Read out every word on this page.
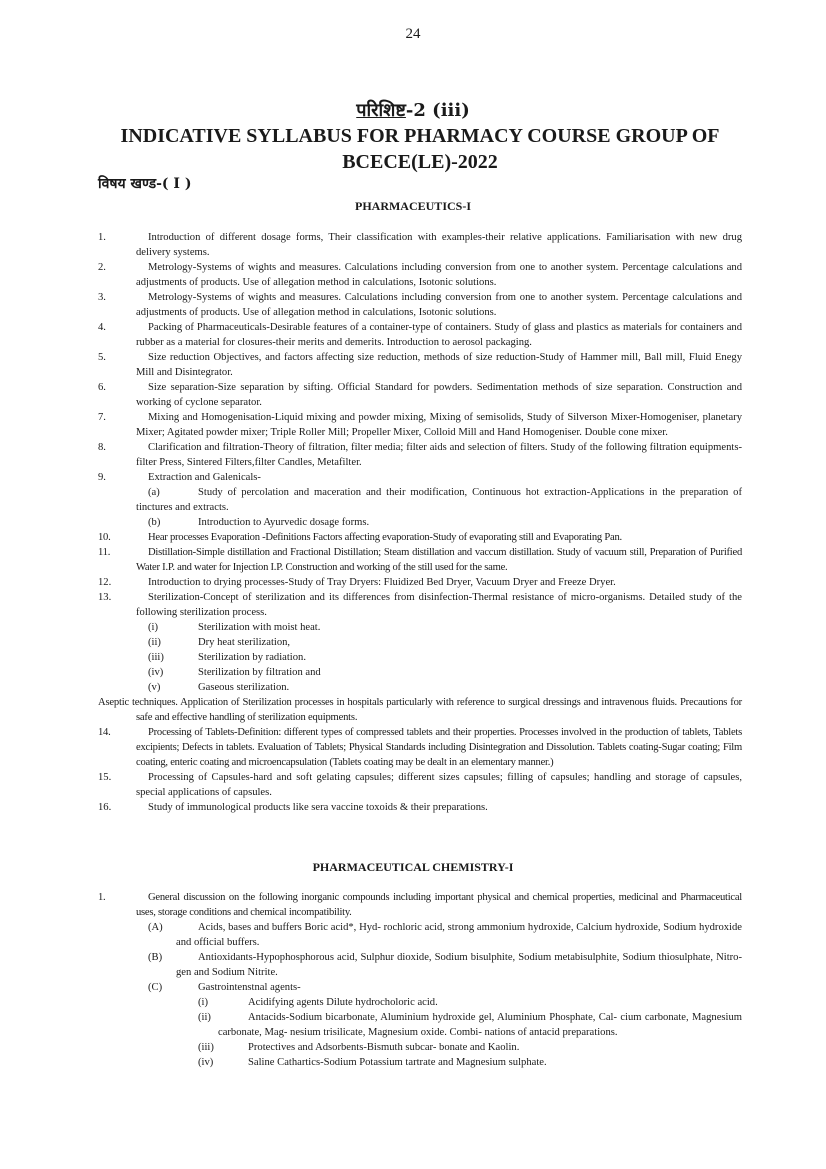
24
परिशिष्ट-2 (iii)
INDICATIVE SYLLABUS FOR PHARMACY COURSE GROUP OF BCECE(LE)-2022
विषय खण्ड-( I )
PHARMACEUTICS-I
1.	Introduction of different dosage forms, Their classification with examples-their relative applications. Familiarisation with new drug delivery systems.
2.	Metrology-Systems of wights and measures. Calculations including conversion from one to another system. Percentage calculations and adjustments of products. Use of allegation method in calculations, Isotonic solutions.
3.	Metrology-Systems of wights and measures. Calculations including conversion from one to another system. Percentage calculations and adjustments of products. Use of allegation method in calculations, Isotonic solutions.
4.	Packing of Pharmaceuticals-Desirable features of a container-type of containers. Study of glass and plastics as materials for containers and rubber as a material for closures-their merits and demerits. Introduction to aerosol packaging.
5.	Size reduction Objectives, and factors affecting size reduction, methods of size reduction-Study of Hammer mill, Ball mill, Fluid Enegy Mill and Disintegrator.
6.	Size separation-Size separation by sifting. Official Standard for powders. Sedimentation methods of size separation. Construction and working of cyclone separator.
7.	Mixing and Homogenisation-Liquid mixing and powder mixing, Mixing of semisolids, Study of Silverson Mixer-Homogeniser, planetary Mixer; Agitated powder mixer; Triple Roller Mill; Propeller Mixer, Colloid Mill and Hand Homogeniser. Double cone mixer.
8.	Clarification and filtration-Theory of filtration, filter media; filter aids and selection of filters. Study of the following filtration equipments-filter Press, Sintered Filters,filter Candles, Metafilter.
9.	Extraction and Galenicals-
(a)	Study of percolation and maceration and their modification, Continuous hot extraction-Applications in the preparation of tinctures and extracts.
(b)	Introduction to Ayurvedic dosage forms.
10.	Hear processes Evaporation -Definitions Factors affecting evaporation-Study of evaporating still and Evaporating Pan.
11.	Distillation-Simple distillation and Fractional Distillation; Steam distillation and vaccum distillation. Study of vacuum still, Preparation of Purified Water I.P. and water for Injection I.P. Construction and working of the still used for the same.
12.	Introduction to drying processes-Study of Tray Dryers: Fluidized Bed Dryer, Vacuum Dryer and Freeze Dryer.
13.	Sterilization-Concept of sterilization and its differences from disinfection-Thermal resistance of micro-organisms. Detailed study of the following sterilization process.
(i)	Sterilization with moist heat.
(ii)	Dry heat sterilization,
(iii)	Sterilization by radiation.
(iv)	Sterilization by filtration and
(v)	Gaseous sterilization.
Aseptic techniques. Application of Sterilization processes in hospitals particularly with reference to surgical dressings and intravenous fluids. Precautions for safe and effective handling of sterilization equipments.
14.	Processing of Tablets-Definition: different types of compressed tablets and their properties. Processes involved in the production of tablets, Tablets excipients; Defects in tablets. Evaluation of Tablets; Physical Standards including Disintegration and Dissolution. Tablets coating-Sugar coating; Film coating, enteric coating and microencapsulation (Tablets coating may be dealt in an elementary manner.)
15.	Processing of Capsules-hard and soft gelating capsules; different sizes capsules; filling of capsules; handling and storage of capsules, special applications of capsules.
16.	Study of immunological products like sera vaccine toxoids & their preparations.
PHARMACEUTICAL CHEMISTRY-I
1.	General discussion on the following inorganic compounds including important physical and chemical properties, medicinal and Pharmaceutical uses, storage conditions and chemical incompatibility.
(A)	Acids, bases and buffers Boric acid*, Hyd- rochloric acid, strong ammonium hydroxide, Calcium hydroxide, Sodium hydroxide and official buffers.
(B)	Antioxidants-Hypophosphorous acid, Sulphur dioxide, Sodium bisulphite, Sodium metabisulphite, Sodium thiosulphate, Nitro- gen and Sodium Nitrite.
(C)	Gastrointenstnal agents-
(i)	Acidifying agents Dilute hydrocholoric acid.
(ii)	Antacids-Sodium bicarbonate, Aluminium hydroxide gel, Aluminium Phosphate, Cal- cium carbonate, Magnesium carbonate, Mag- nesium trisilicate, Magnesium oxide. Combi- nations of antacid preparations.
(iii)	Protectives and Adsorbents-Bismuth subcar- bonate and Kaolin.
(iv)	Saline Cathartics-Sodium Potassium tartrate and Magnesium sulphate.
